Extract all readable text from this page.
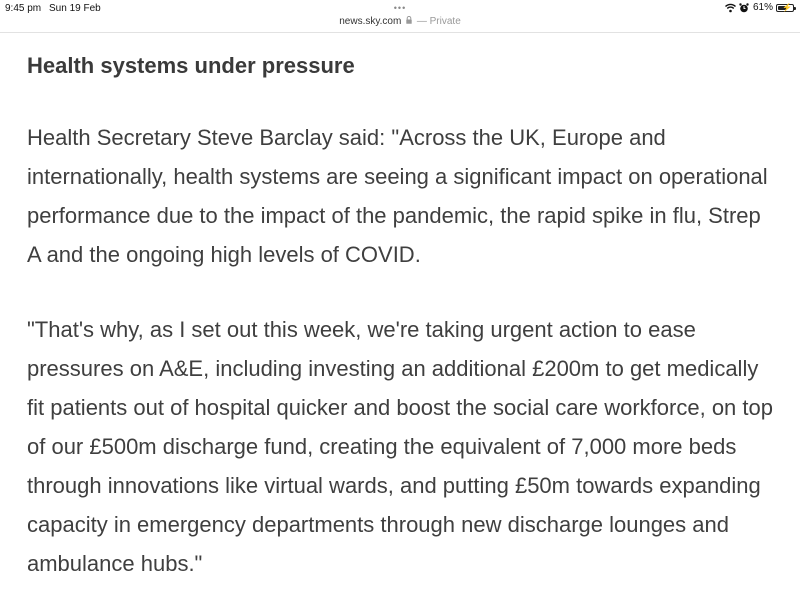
9:45 pm Sun 19 Feb	61% ⚡
•••
news.sky.com — Private
Health systems under pressure

Health Secretary Steve Barclay said: "Across the UK, Europe and internationally, health systems are seeing a significant impact on operational performance due to the impact of the pandemic, the rapid spike in flu, Strep A and the ongoing high levels of COVID.

"That's why, as I set out this week, we're taking urgent action to ease pressures on A&E, including investing an additional £200m to get medically fit patients out of hospital quicker and boost the social care workforce, on top of our £500m discharge fund, creating the equivalent of 7,000 more beds through innovations like virtual wards, and putting £50m towards expanding capacity in emergency departments through new discharge lounges and ambulance hubs."
